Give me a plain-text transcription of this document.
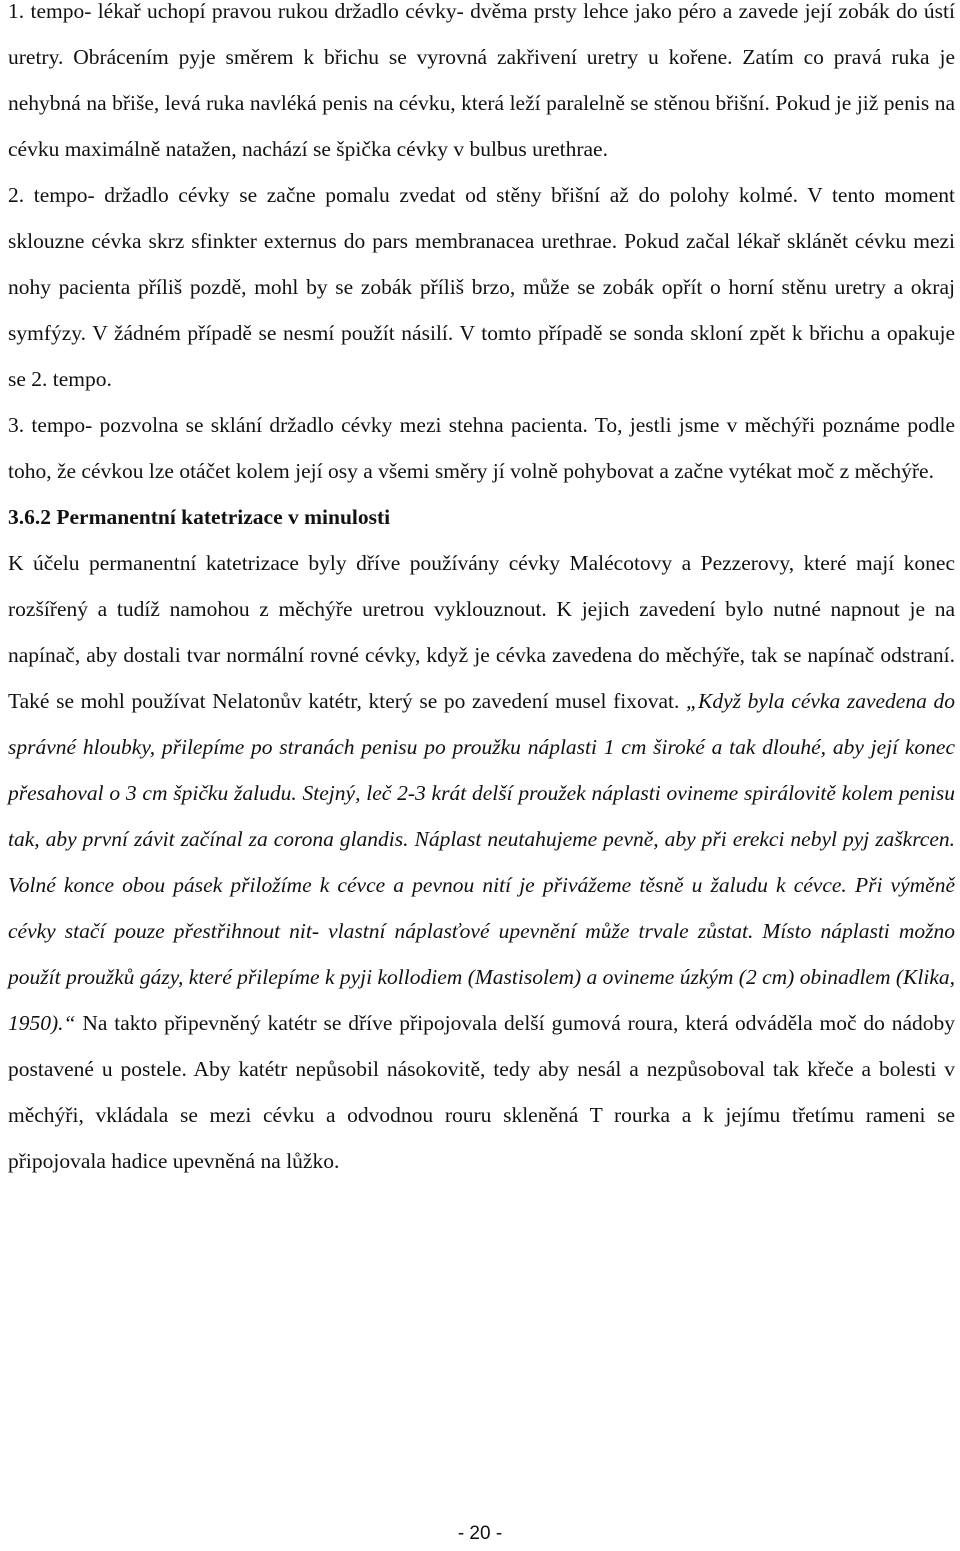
1. tempo- lékař uchopí pravou rukou držadlo cévky- dvěma prsty lehce jako péro a zavede její zobák do ústí uretry. Obrácením pyje směrem k břichu se vyrovná zakřivení uretry u kořene. Zatím co pravá ruka je nehybná na břiše, levá ruka navléká penis na cévku, která leží paralelně se stěnou břišní. Pokud je již penis na cévku maximálně natažen, nachází se špička cévky v bulbus urethrae.

2. tempo- držadlo cévky se začne pomalu zvedat od stěny břišní až do polohy kolmé. V tento moment sklouzne cévka skrz sfinkter externus do pars membranacea urethrae. Pokud začal lékař sklánět cévku mezi nohy pacienta příliš pozdě, mohl by se zobák příliš brzo, může se zobák opřít o horní stěnu uretry a okraj symfýzy. V žádném případě se nesmí použít násilí. V tomto případě se sonda skloní zpět k břichu a opakuje se 2. tempo.

3. tempo- pozvolna se sklání držadlo cévky mezi stehna pacienta. To, jestli jsme v měchýři poznáme podle toho, že cévkou lze otáčet kolem její osy a všemi směry jí volně pohybovat a začne vytékat moč z měchýře.

3.6.2 Permanentní katetrizace v minulosti

K účelu permanentní katetrizace byly dříve používány cévky Malécotovy a Pezzerovy, které mají konec rozšířený a tudíž namohou z měchýře uretrou vyklouznout. K jejich zavedení bylo nutné napnout je na napínač, aby dostali tvar normální rovné cévky, když je cévka zavedena do měchýře, tak se napínač odstraní. Také se mohl používat Nelatonův katétr, který se po zavedení musel fixovat. „Když byla cévka zavedena do správné hloubky, přilepíme po stranách penisu po proužku náplasti 1 cm široké a tak dlouhé, aby její konec přesahoval o 3 cm špičku žaludu. Stejný, leč 2-3 krát delší proužek náplasti ovineme spirálovitě kolem penisu tak, aby první závit začínal za corona glandis. Náplast neutahujeme pevně, aby při erekci nebyl pyj zaškrcen. Volné konce obou pásek přiložíme k cévce a pevnou nití je přivážeme těsně u žaludu k cévce. Při výměně cévky stačí pouze přestřihnout nit- vlastní náplasťové upevnění může trvale zůstat. Místo náplasti možno použít proužků gázy, které přilepíme k pyji kollodiem (Mastisolem) a ovineme úzkým (2 cm) obinadlem (Klika, 1950).“ Na takto připevněný katétr se dříve připojovala delší gumová roura, která odváděla moč do nádoby postavené u postele. Aby katétr nepůsobil násokovitě, tedy aby nesál a nezpůsoboval tak křeče a bolesti v měchýři, vkládala se mezi cévku a odvodnou rouru skleněná T rourka a k jejímu třetímu rameni se připojovala hadice upevněná na lůžko.

- 20 -
